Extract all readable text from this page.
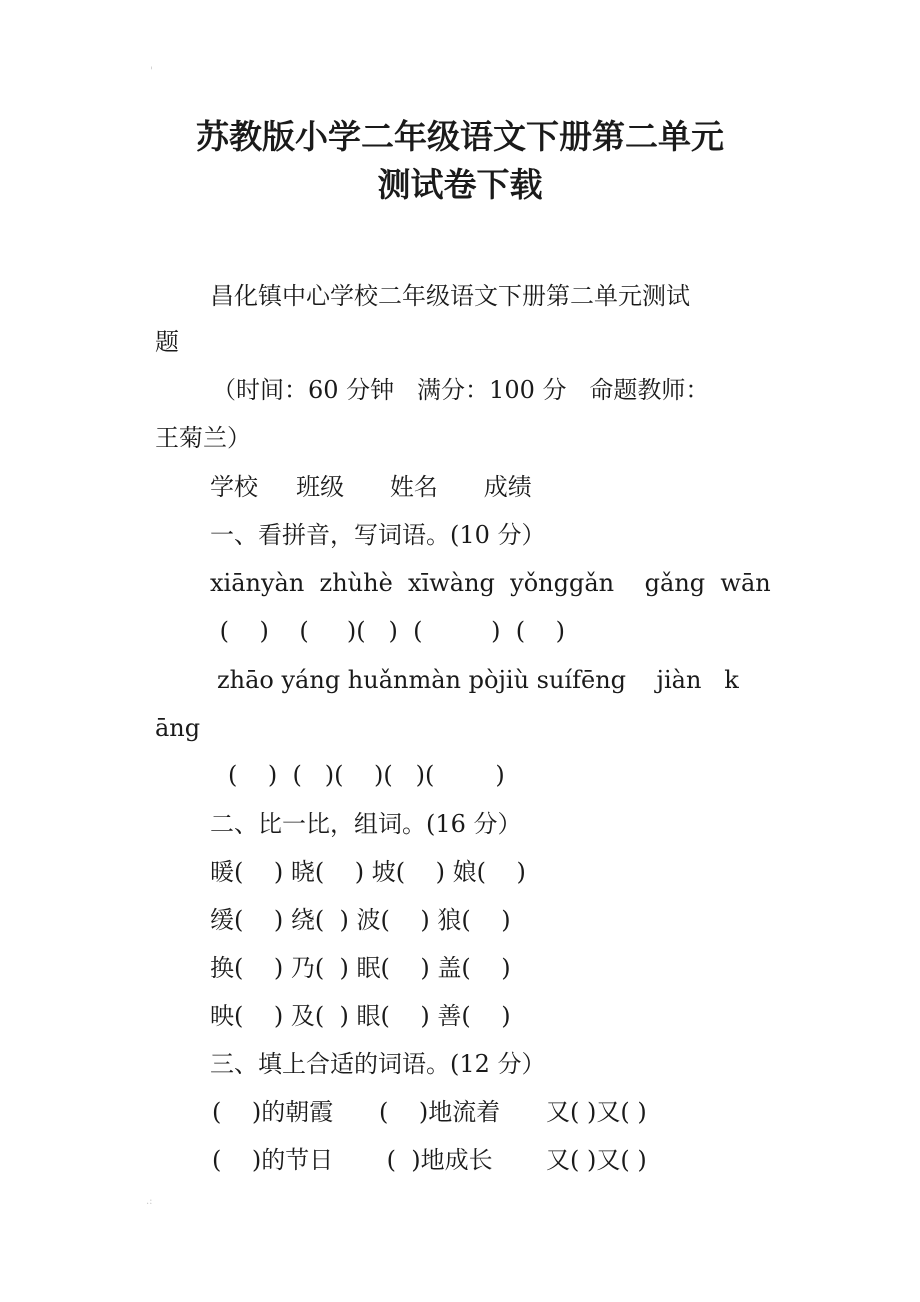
'
苏教版小学二年级语文下册第二单元
测试卷下载
昌化镇中心学校二年级语文下册第二单元测试
题
（时间：60 分钟   满分：100 分   命题教师：
王菊兰）
学校     班级      姓名      成绩
一、看拼音，写词语。(10 分）
xiānyàn  zhùhè  xīwàng  yǒnggǎn    gǎng  wān
(    )    (     )(   )  (         )  (    )
zhāo yáng huǎnmàn pòjiù suífēng    jiàn   k
āng
(    )  (   )(    )(   )(        )
二、比一比，组词。(16 分）
暖(    ) 晓(    ) 坡(    ) 娘(    )
缓(    ) 绕(  ) 波(    ) 狼(    )
换(    ) 乃(  ) 眠(    ) 盖(    )
映(    ) 及(  ) 眼(    ) 善(    )
三、填上合适的词语。(12 分）
(    )的朝霞      (    )地流着      又( )又( )
(    )的节日       (  )地成长       又( )又( )
.:
